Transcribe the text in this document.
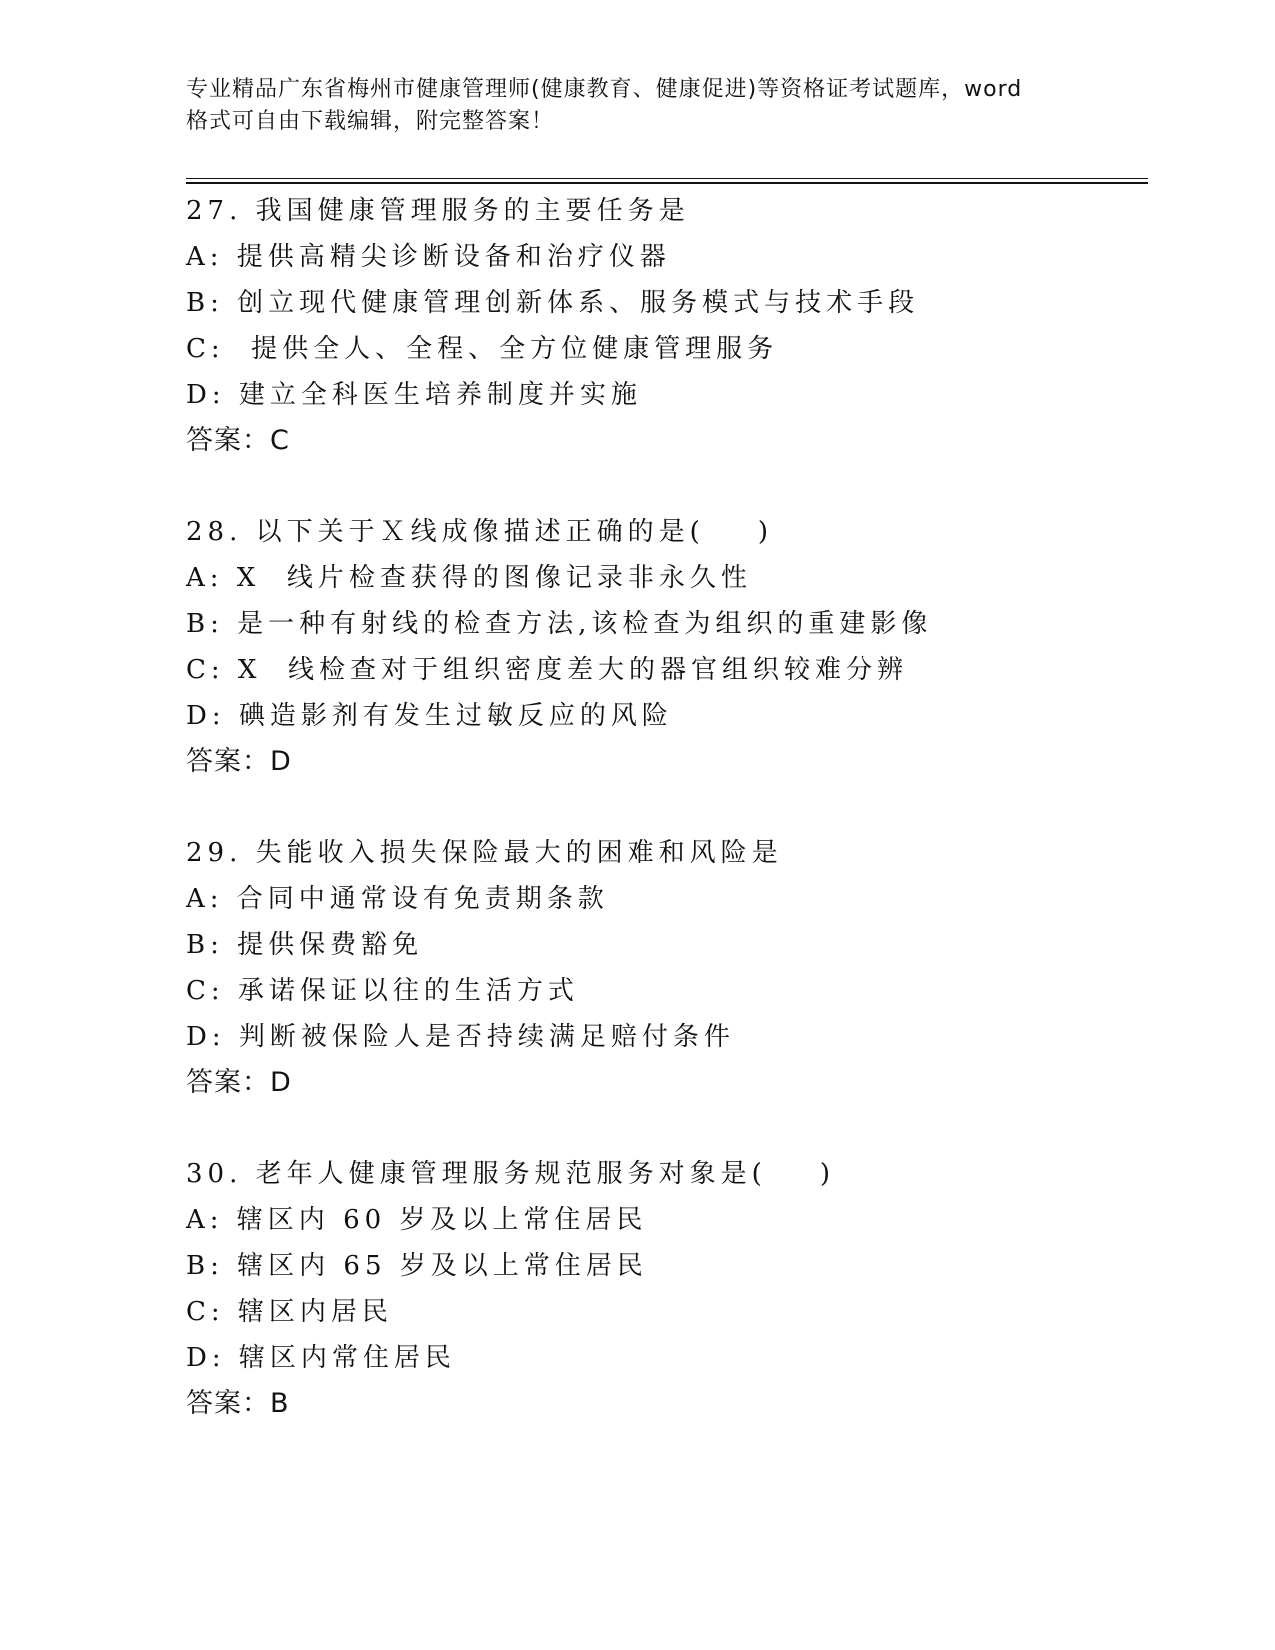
专业精品广东省梅州市健康管理师(健康教育、健康促进)等资格证考试题库，word
格式可自由下载编辑，附完整答案！
27. 我国健康管理服务的主要任务是
A: 提供高精尖诊断设备和治疗仪器
B: 创立现代健康管理创新体系、服务模式与技术手段
C:  提供全人、全程、全方位健康管理服务
D: 建立全科医生培养制度并实施
答案：C
28. 以下关于Ｘ线成像描述正确的是(    )
A: X  线片检查获得的图像记录非永久性
B: 是一种有射线的检查方法,该检查为组织的重建影像
C: X  线检查对于组织密度差大的器官组织较难分辨
D: 碘造影剂有发生过敏反应的风险
答案：D
29. 失能收入损失保险最大的困难和风险是
A: 合同中通常设有免责期条款
B: 提供保费豁免
C: 承诺保证以往的生活方式
D: 判断被保险人是否持续满足赔付条件
答案：D
30. 老年人健康管理服务规范服务对象是(    )
A: 辖区内 60 岁及以上常住居民
B: 辖区内 65 岁及以上常住居民
C: 辖区内居民
D: 辖区内常住居民
答案：B
